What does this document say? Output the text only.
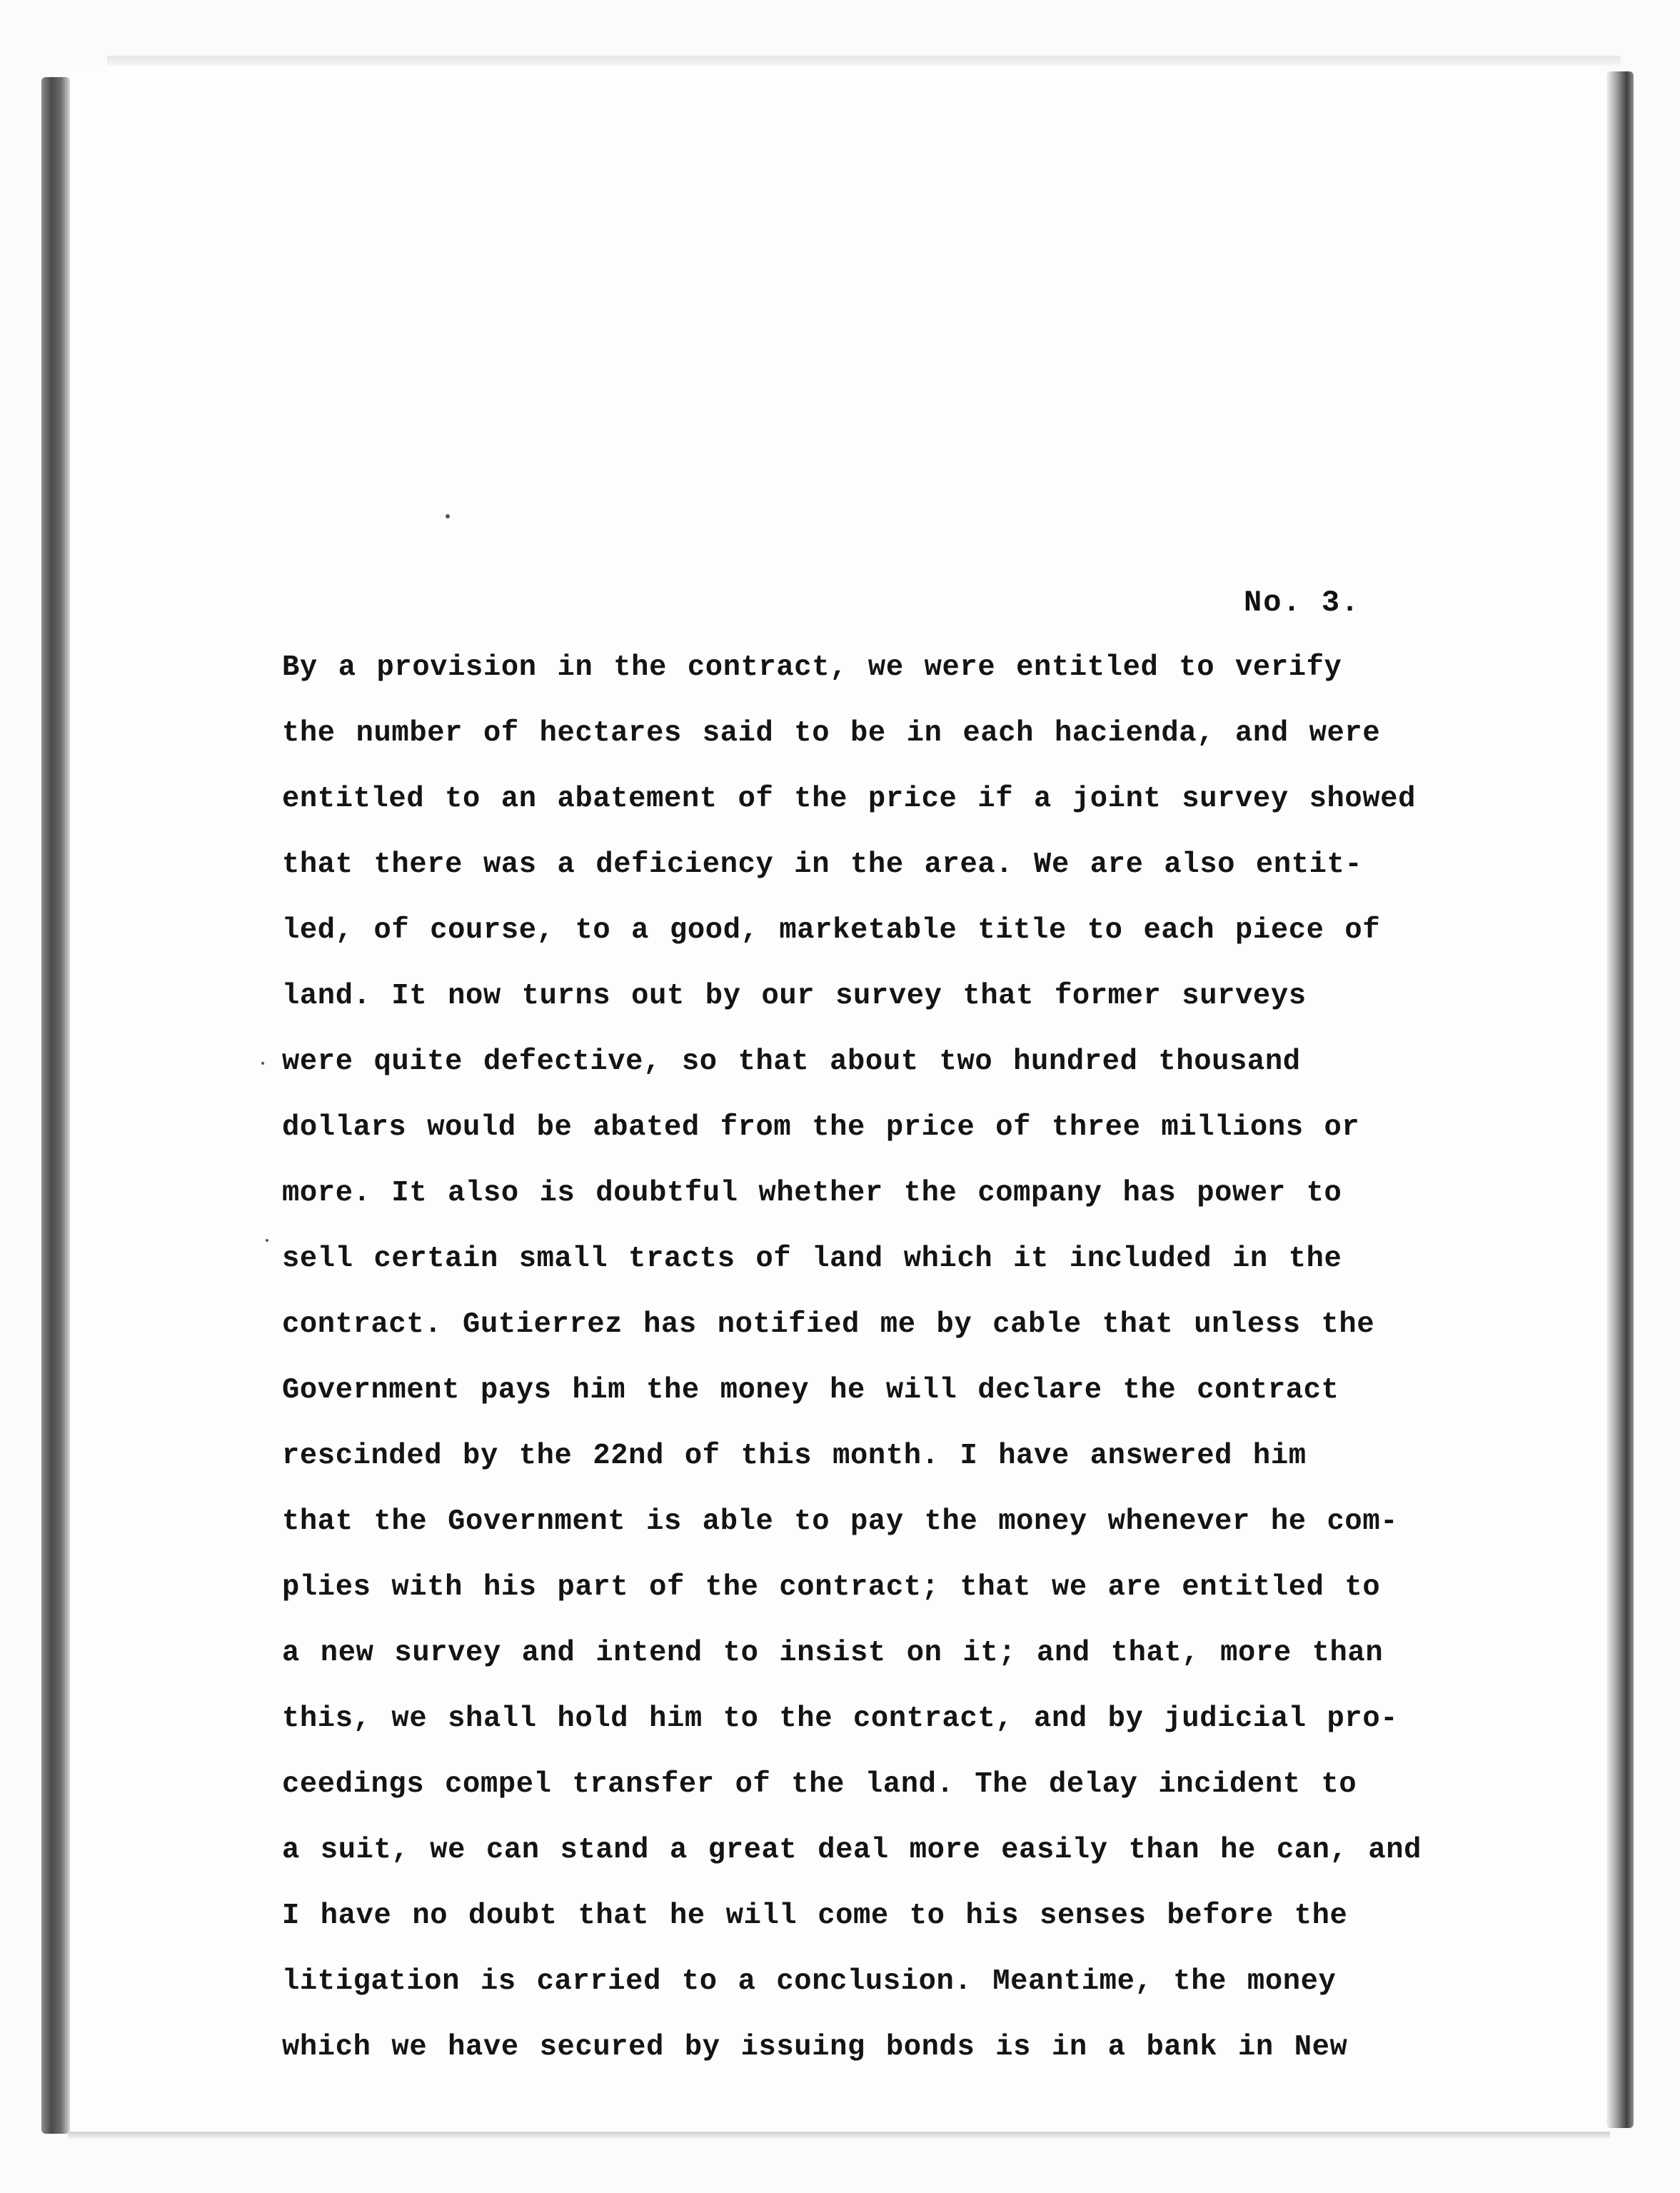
No. 3.
By a provision in the contract, we were entitled to verify
the number of hectares said to be in each hacienda, and were
entitled to an abatement of the price if a joint survey showed
that there was a deficiency in the area. We are also entit-
led, of course, to a good, marketable title to each piece of
land. It now turns out by our survey that former surveys
were quite defective, so that about two hundred thousand
dollars would be abated from the price of three millions or
more. It also is doubtful whether the company has power to
sell certain small tracts of land which it included in the
contract. Gutierrez has notified me by cable that unless the
Government pays him the money he will declare the contract
rescinded by the 22nd of this month. I have answered him
that the Government is able to pay the money whenever he com-
plies with his part of the contract; that we are entitled to
a new survey and intend to insist on it; and that, more than
this, we shall hold him to the contract, and by judicial pro-
ceedings compel transfer of the land. The delay incident to
a suit, we can stand a great deal more easily than he can, and
I have no doubt that he will come to his senses before the
litigation is carried to a conclusion. Meantime, the money
which we have secured by issuing bonds is in a bank in New
